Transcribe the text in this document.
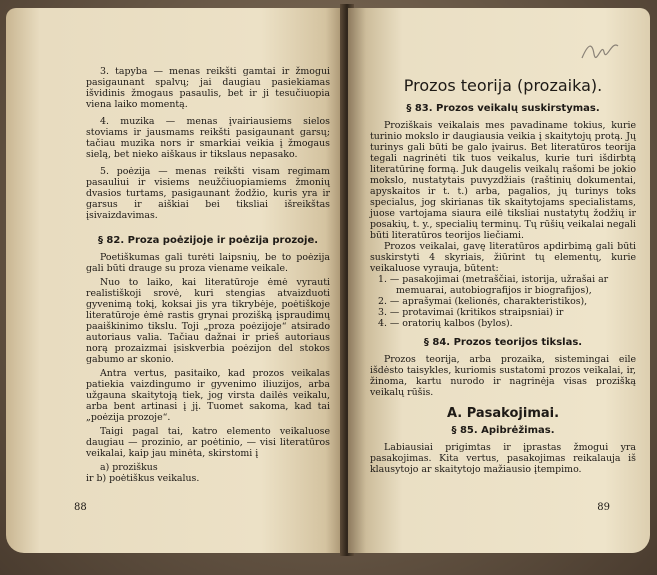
3. tapyba — menas reikšti gamtai ir žmogui pasigaunant spalvų; jai daugiau pasiekiamas išvidinis žmogaus pasaulis, bet ir ji tesučiuopia viena laiko momentą.

4. muzika — menas įvairiausiems sielos stoviams ir jausmams reikšti pasigaunant garsų; tačiau muzika nors ir smarkiai veikia į žmogaus sielą, bet nieko aiškaus ir tikslaus nepasako.

5. poėzija — menas reikšti visam regimam pasauliui ir visiems neužčiuopiamiems žmonių dvasios turtams, pasigaunant žodžio, kuris yra ir garsus ir aiškiai bei tiksliai išreikštas įsivaizdavimas.

§ 82. Proza poėzijoje ir poėzija prozoje.

Poetiškumas gali turėti laipsnių, be to poėzija gali būti drauge su proza viename veikale.

Nuo to laiko, kai literatūroje ėmė vyrauti realistiškoji srovė, kuri stengias atvaizduoti gyvenimą tokį, koksai jis yra tikrybėje, poėtiškoje literatūroje ėmė rastis grynai prozišką įspraudimų paaiškinimo tikslu. Toji „proza poėzijoje“ atsirado autoriaus valia. Tačiau dažnai ir prieš autoriaus norą prozaizmai įsiskverbia poėzijon del stokos gabumo ar skonio.

Antra vertus, pasitaiko, kad prozos veikalas patiekia vaizdingumo ir gyvenimo iliuzijos, arba užgauna skaitytoją tiek, jog virsta dailės veikalu, arba bent artinasi į jį. Tuomet sakoma, kad tai „poėzija prozoje“.

Taigi pagal tai, katro elemento veikaluose daugiau — prozinio, ar poėtinio, — visi literatūros veikalai, kaip jau minėta, skirstomi į

a) proziškus

ir b) poėtiškus veikalus.

88
Prozos teorija (prozaika).
§ 83. Prozos veikalų suskirstymas.

Proziškais veikalais mes pavadiname tokius, kurie turinio mokslo ir daugiausia veikia į skaitytojų protą. Jų turinys gali būti be galo įvairus. Bet literatūros teorija tegali nagrinėti tik tuos veikalus, kurie turi išdirbtą literatūrinę formą. Juk daugelis veikalų rašomi be jokio mokslo, nustatytais puvyzdžiais (raštinių dokumentai, apyskaitos ir t. t.) arba, pagalios, jų turinys toks specialus, jog skirianas tik skaitytojams specialistams, juose vartojama siaura eilė tiksliai nustatytų žodžių ir posakių, t. y., specialių terminų. Tų rūšių veikalai negali būti literatūros teorijos liečiami.

Prozos veikalai, gavę literatūros apdirbimą gali būti suskirstyti 4 skyriais, žiūrint tų elementų, kurie veikaluose vyrauja, būtent:

1. — pasakojimai (metraščiai, istorija, užrašai ar memuarai, autobiografijos ir biografijos),

2. — aprašymai (kelionės, charakteristikos),

3. — protavimai (kritikos straipsniai) ir

4. — oratorių kalbos (bylos).

§ 84. Prozos teorijos tikslas.

Prozos teorija, arba prozaika, sistemingai eile išdėsto taisykles, kuriomis sustatomi prozos veikalai, ir, žinoma, kartu nurodo ir nagrinėja visas prozišką veikalų rūšis.

A. Pasakojimai.
§ 85. Apibrėžimas.

Labiausiai prigimtas ir įprastas žmogui yra pasakojimas. Kita vertus, pasakojimas reikalauja iš klausytojo ar skaitytojo mažiausio įtempimo.

89
